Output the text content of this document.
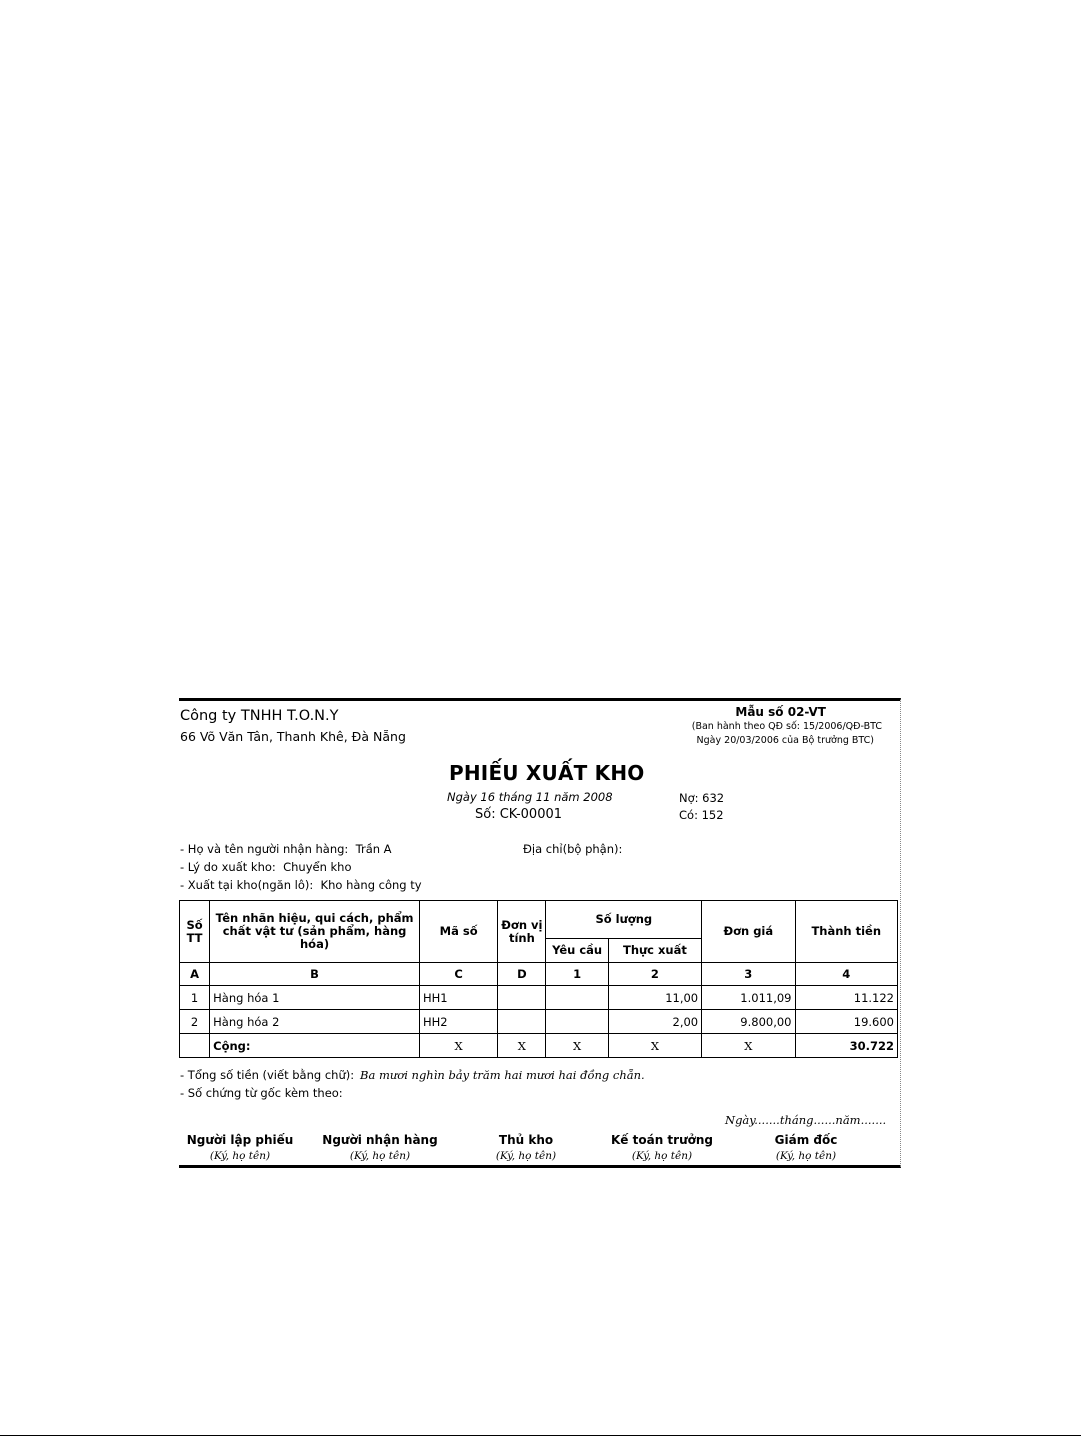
Công ty TNHH T.O.N.Y
66 Võ Văn Tân, Thanh Khê, Đà Nẵng
Mẫu số 02-VT
(Ban hành theo QĐ số: 15/2006/QĐ-BTC
Ngày 20/03/2006 của Bộ trưởng BTC)
PHIẾU XUẤT KHO
Ngày 16 tháng 11 năm 2008
Số: CK-00001
Nợ: 632
Có: 152
- Họ và tên người nhận hàng: Trần A	Địa chỉ(bộ phận):
- Lý do xuất kho: Chuyển kho
- Xuất tại kho(ngăn lô): Kho hàng công ty
Số TT	Tên nhãn hiệu, qui cách, phẩm chất vật tư (sản phẩm, hàng hóa)	Mã số	Đơn vị tính	Số lượng		Đơn giá	Thành tiền
				Yêu cầu	Thực xuất		
A	B	C	D	1	2	3	4
1	Hàng hóa 1	HH1			11,00	1.011,09	11.122
2	Hàng hóa 2	HH2			2,00	9.800,00	19.600
	Cộng:	X	X	X	X	X	30.722
- Tổng số tiền (viết bằng chữ): Ba mươi nghìn bảy trăm hai mươi hai đồng chẵn.
- Số chứng từ gốc kèm theo:
Ngày.......tháng......năm.......
Người lập phiếu
(Ký, họ tên)
Người nhận hàng
(Ký, họ tên)
Thủ kho
(Ký, họ tên)
Kế toán trưởng
(Ký, họ tên)
Giám đốc
(Ký, họ tên)
